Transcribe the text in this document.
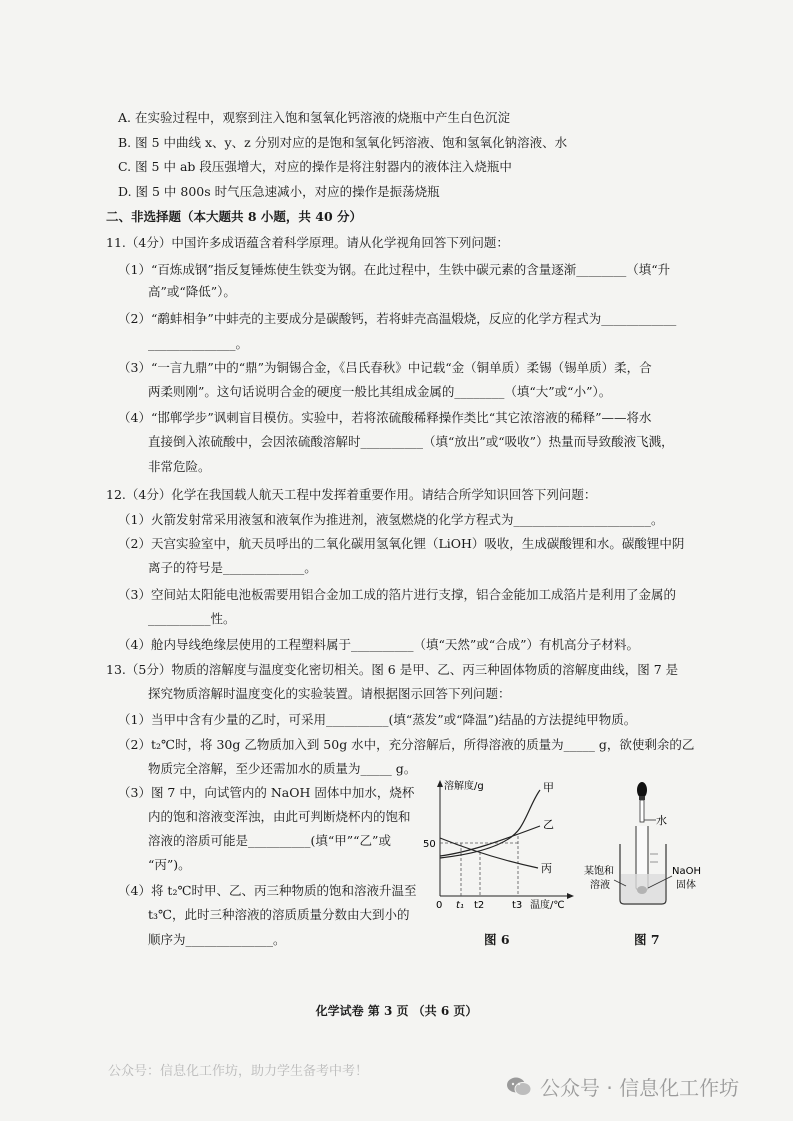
A. 在实验过程中，观察到注入饱和氢氧化钙溶液的烧瓶中产生白色沉淀
B. 图 5 中曲线 x、y、z 分别对应的是饱和氢氧化钙溶液、饱和氢氧化钠溶液、水
C. 图 5 中 ab 段压强增大，对应的操作是将注射器内的液体注入烧瓶中
D. 图 5 中 800s 时气压急速减小，对应的操作是振荡烧瓶
二、非选择题（本大题共 8 小题，共 40 分）
11.（4分）中国许多成语蕴含着科学原理。请从化学视角回答下列问题：
（1）“百炼成钢”指反复锤炼使生铁变为钢。在此过程中，生铁中碳元素的含量逐渐________（填“升
高”或“降低”）。
（2）“鹬蚌相争”中蚌壳的主要成分是碳酸钙，若将蚌壳高温煅烧，反应的化学方程式为____________
______________。
（3）“一言九鼎”中的“鼎”为铜锡合金，《吕氏春秋》中记载“金（铜单质）柔锡（锡单质）柔，合
两柔则刚”。这句话说明合金的硬度一般比其组成金属的________（填“大”或“小”）。
（4）“邯郸学步”讽刺盲目模仿。实验中，若将浓硫酸稀释操作类比“其它浓溶液的稀释”——将水
直接倒入浓硫酸中，会因浓硫酸溶解时__________（填“放出”或“吸收”）热量而导致酸液飞溅，
非常危险。
12.（4分）化学在我国载人航天工程中发挥着重要作用。请结合所学知识回答下列问题：
（1）火箭发射常采用液氢和液氧作为推进剂，液氢燃烧的化学方程式为______________________。
（2）天宫实验室中，航天员呼出的二氧化碳用氢氧化锂（LiOH）吸收，生成碳酸锂和水。碳酸锂中阴
离子的符号是_____________。
（3）空间站太阳能电池板需要用铝合金加工成的箔片进行支撑，铝合金能加工成箔片是利用了金属的
__________性。
（4）舱内导线绝缘层使用的工程塑料属于__________（填“天然”或“合成”）有机高分子材料。
13.（5分）物质的溶解度与温度变化密切相关。图 6 是甲、乙、丙三种固体物质的溶解度曲线，图 7 是
探究物质溶解时温度变化的实验装置。请根据图示回答下列问题：
（1）当甲中含有少量的乙时，可采用__________(填“蒸发”或“降温”)结晶的方法提纯甲物质。
（2）t₂℃时，将 30g 乙物质加入到 50g 水中，充分溶解后，所得溶液的质量为_____ g，欲使剩余的乙
物质完全溶解，至少还需加水的质量为_____ g。
（3）图 7 中，向试管内的 NaOH 固体中加水，烧杯
内的饱和溶液变浑浊，由此可判断烧杯内的饱和
溶液的溶质可能是__________(填“甲”“乙”或
“丙”)。
（4）将 t₂℃时甲、乙、丙三种物质的饱和溶液升温至
t₃℃，此时三种溶液的溶质质量分数由大到小的
顺序为______________。
溶解度/g
50
0 t₁ t2	t3 温度/℃
甲
乙
丙
水
某饱和
溶液
NaOH
固体
图 6	图 7
化学试卷 第 3 页 （共 6 页）
公众号：信息化工作坊，助力学生备考中考！
公众号 · 信息化工作坊
